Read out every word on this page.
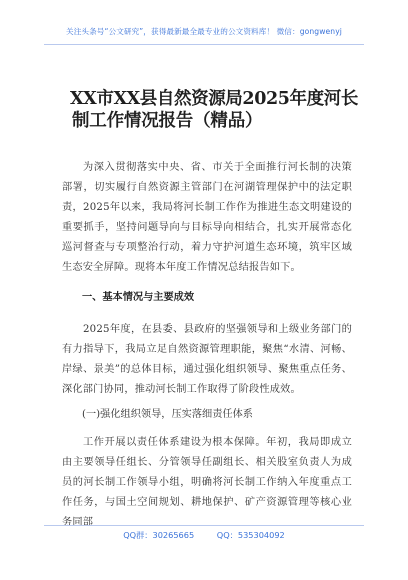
关注头条号“公文研究”，获得最新最全最专业的公文资料库！ 微信：gongwenyj
XX市XX县自然资源局2025年度河长
制工作情况报告（精品）
为深入贯彻落实中央、省、市关于全面推行河长制的决策部署，切实履行自然资源主管部门在河湖管理保护中的法定职责，2025年以来，我局将河长制工作作为推进生态文明建设的重要抓手，坚持问题导向与目标导向相结合，扎实开展常态化巡河督查与专项整治行动，着力守护河道生态环境，筑牢区域生态安全屏障。现将本年度工作情况总结报告如下。
一、基本情况与主要成效
2025年度，在县委、县政府的坚强领导和上级业务部门的有力指导下，我局立足自然资源管理职能，聚焦“水清、河畅、岸绿、景美”的总体目标，通过强化组织领导、聚焦重点任务、深化部门协同，推动河长制工作取得了阶段性成效。
(一)强化组织领导，压实落细责任体系
工作开展以责任体系建设为根本保障。年初，我局即成立由主要领导任组长、分管领导任副组长、相关股室负责人为成员的河长制工作领导小组，明确将河长制工作纳入年度重点工作任务，与国土空间规划、耕地保护、矿产资源管理等核心业务同部
QQ群：30265665	QQ：535304092
